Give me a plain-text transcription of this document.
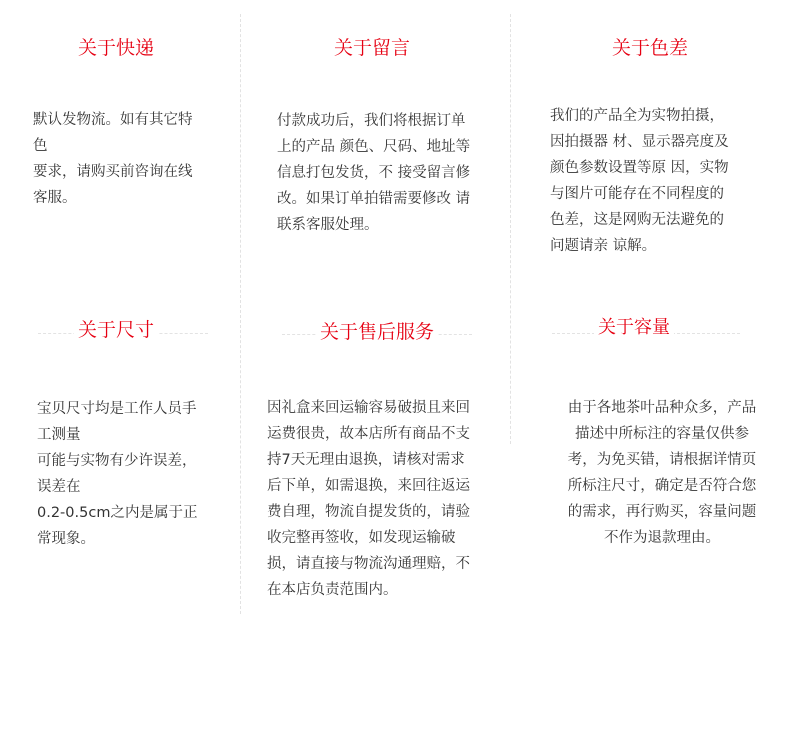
关于快递
默认发物流。如有其它特
色
要求，请购买前咨询在线
客服。
关于留言
付款成功后，我们将根据订单
上的产品 颜色、尺码、地址等
信息打包发货，不 接受留言修
改。如果订单拍错需要修改 请
联系客服处理。
关于色差
我们的产品全为实物拍摄，
因拍摄器 材、显示器亮度及
颜色参数设置等原 因，实物
与图片可能存在不同程度的
色差，这是网购无法避免的
问题请亲 谅解。
关于尺寸
宝贝尺寸均是工作人员手
工测量
可能与实物有少许误差，
误差在
0.2-0.5cm之内是属于正
常现象。
关于售后服务
因礼盒来回运输容易破损且来回
运费很贵，故本店所有商品不支
持7天无理由退换，请核对需求
后下单，如需退换，来回往返运
费自理，物流自提发货的，请验
收完整再签收，如发现运输破
损，请直接与物流沟通理赔，不
在本店负责范围内。
关于容量
由于各地茶叶品种众多，产品
描述中所标注的容量仅供参
考，为免买错，请根据详情页
所标注尺寸，确定是否符合您
的需求，再行购买，容量问题
不作为退款理由。
